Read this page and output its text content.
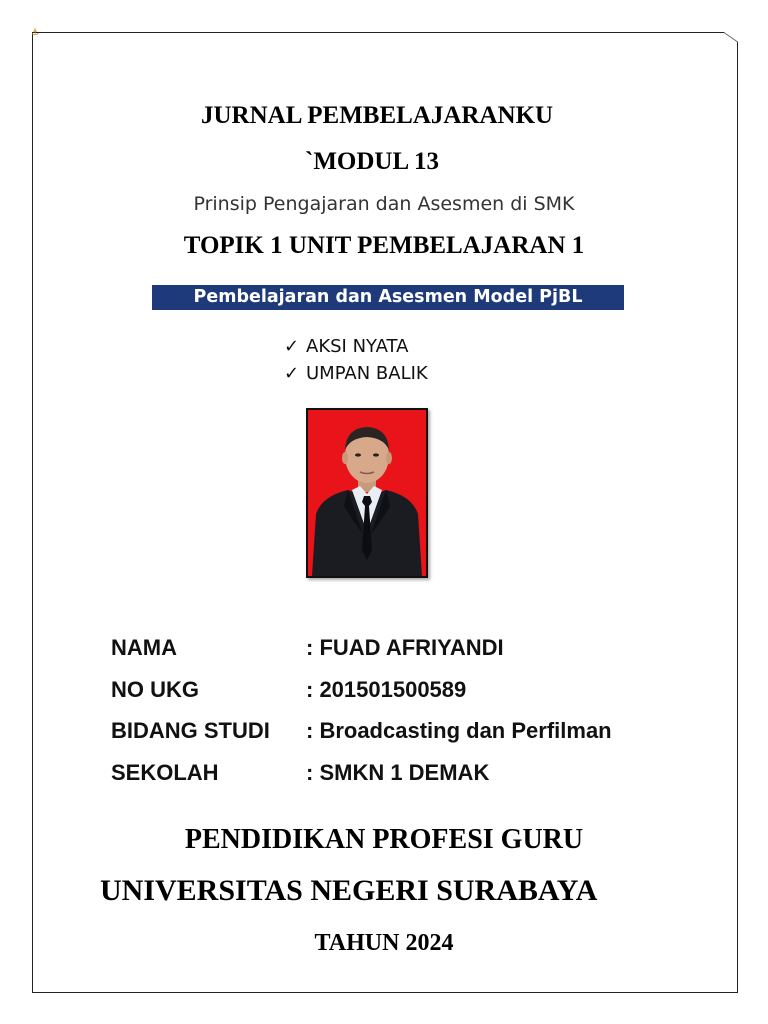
⚓
JURNAL PEMBELAJARANKU
`MODUL 13
Prinsip Pengajaran dan Asesmen di SMK
TOPIK 1 UNIT PEMBELAJARAN 1
Pembelajaran dan Asesmen Model PjBL
✓ AKSI NYATA
✓ UMPAN BALIK
NAMA	: FUAD AFRIYANDI
NO UKG	: 201501500589
BIDANG STUDI : Broadcasting dan Perfilman
SEKOLAH	: SMKN 1 DEMAK
PENDIDIKAN PROFESI GURU
UNIVERSITAS NEGERI SURABAYA
TAHUN 2024
